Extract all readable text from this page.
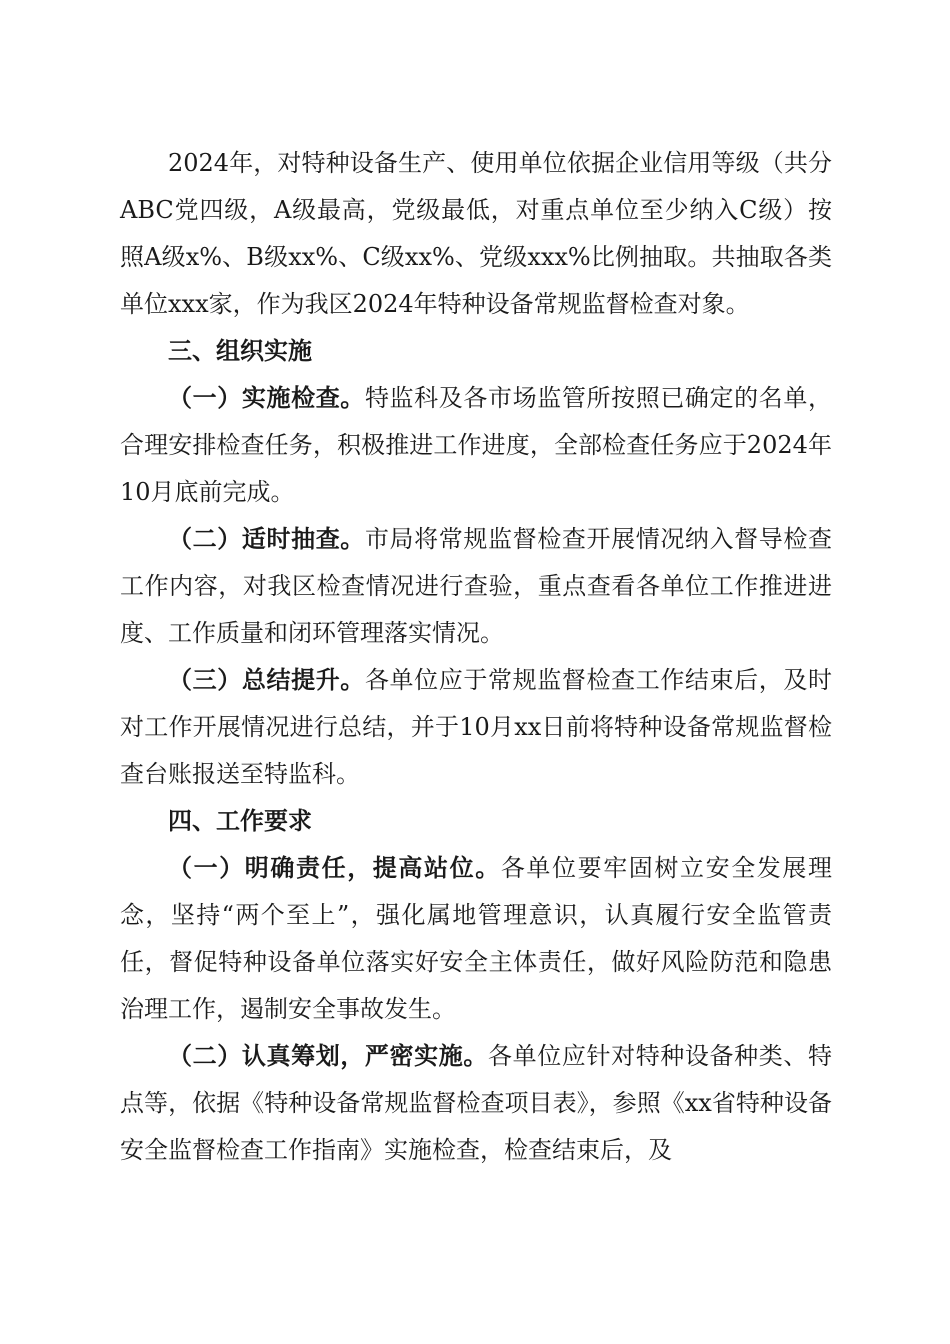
2024年，对特种设备生产、使用单位依据企业信用等级（共分ABC党四级，A级最高，党级最低，对重点单位至少纳入C级）按照A级x%、B级xx%、C级xx%、党级xxx%比例抽取。共抽取各类单位xxx家，作为我区2024年特种设备常规监督检查对象。

三、组织实施

（一）实施检查。特监科及各市场监管所按照已确定的名单，合理安排检查任务，积极推进工作进度，全部检查任务应于2024年10月底前完成。

（二）适时抽查。市局将常规监督检查开展情况纳入督导检查工作内容，对我区检查情况进行查验，重点查看各单位工作推进进度、工作质量和闭环管理落实情况。

（三）总结提升。各单位应于常规监督检查工作结束后，及时对工作开展情况进行总结，并于10月xx日前将特种设备常规监督检查台账报送至特监科。

四、工作要求

（一）明确责任，提高站位。各单位要牢固树立安全发展理念，坚持“两个至上”，强化属地管理意识，认真履行安全监管责任，督促特种设备单位落实好安全主体责任，做好风险防范和隐患治理工作，遏制安全事故发生。

（二）认真筹划，严密实施。各单位应针对特种设备种类、特点等，依据《特种设备常规监督检查项目表》，参照《xx省特种设备安全监督检查工作指南》实施检查，检查结束后，及
